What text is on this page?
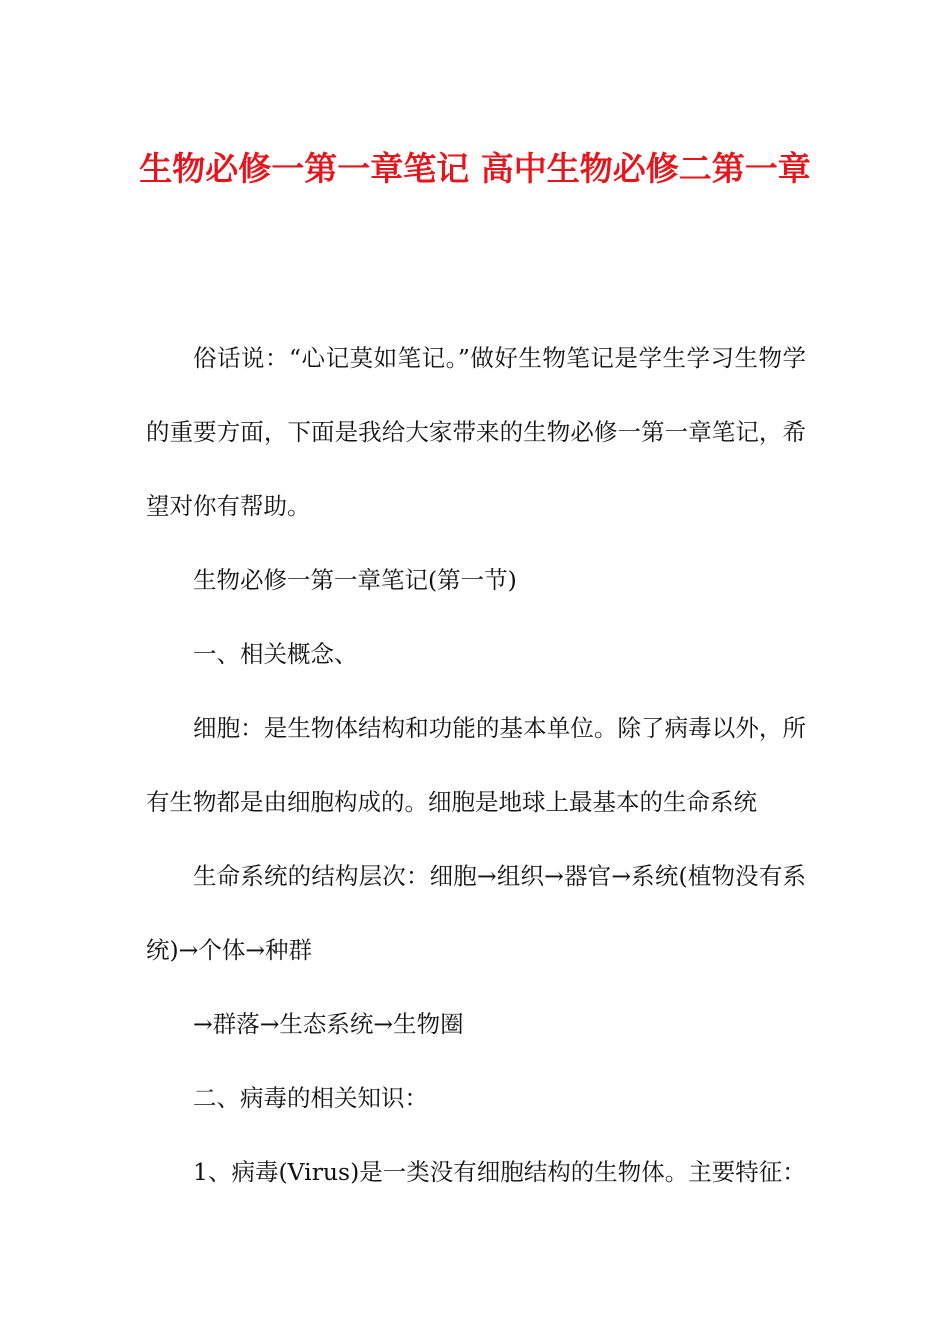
生物必修一第一章笔记 高中生物必修二第一章

俗话说：“心记莫如笔记。”做好生物笔记是学生学习生物学的重要方面，下面是我给大家带来的生物必修一第一章笔记，希望对你有帮助。

生物必修一第一章笔记(第一节)

一、相关概念、

细胞：是生物体结构和功能的基本单位。除了病毒以外，所有生物都是由细胞构成的。细胞是地球上最基本的生命系统

生命系统的结构层次：细胞→组织→器官→系统(植物没有系统)→个体→种群

→群落→生态系统→生物圈

二、病毒的相关知识：

1、病毒(Virus)是一类没有细胞结构的生物体。主要特征：
